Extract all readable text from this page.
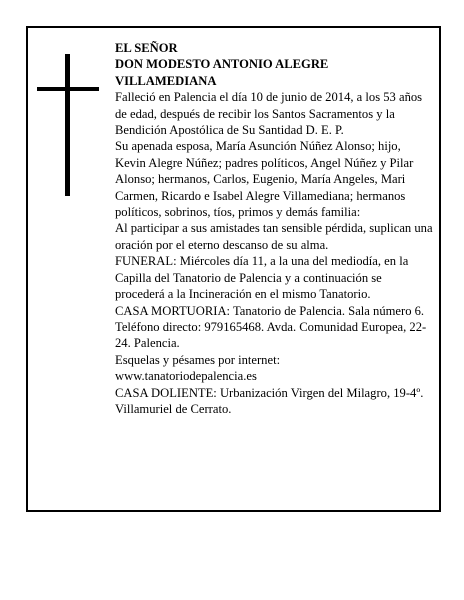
EL SEÑOR

DON MODESTO ANTONIO ALEGRE

VILLAMEDIANA

Falleció en Palencia el día 10 de junio de 2014, a los 53 años de edad, después de recibir los Santos Sacramentos y la Bendición Apostólica de Su Santidad D. E. P.

Su apenada esposa, María Asunción Núñez Alonso; hijo, Kevin Alegre Núñez; padres políticos, Angel Núñez y Pilar Alonso; hermanos, Carlos, Eugenio, María Angeles, Mari Carmen, Ricardo e Isabel Alegre Villamediana; hermanos políticos, sobrinos, tíos, primos y demás familia:

Al participar a sus amistades tan sensible pérdida, suplican una oración por el eterno descanso de su alma.

FUNERAL: Miércoles día 11, a la una del mediodía, en la Capilla del Tanatorio de Palencia y a continuación se procederá a la Incineración en el mismo Tanatorio.

CASA MORTUORIA: Tanatorio de Palencia. Sala número 6. Teléfono directo: 979165468. Avda. Comunidad Europea, 22-24. Palencia.

Esquelas y pésames por internet:

www.tanatoriodepalencia.es

CASA DOLIENTE: Urbanización Virgen del Milagro, 19-4º. Villamuriel de Cerrato.
